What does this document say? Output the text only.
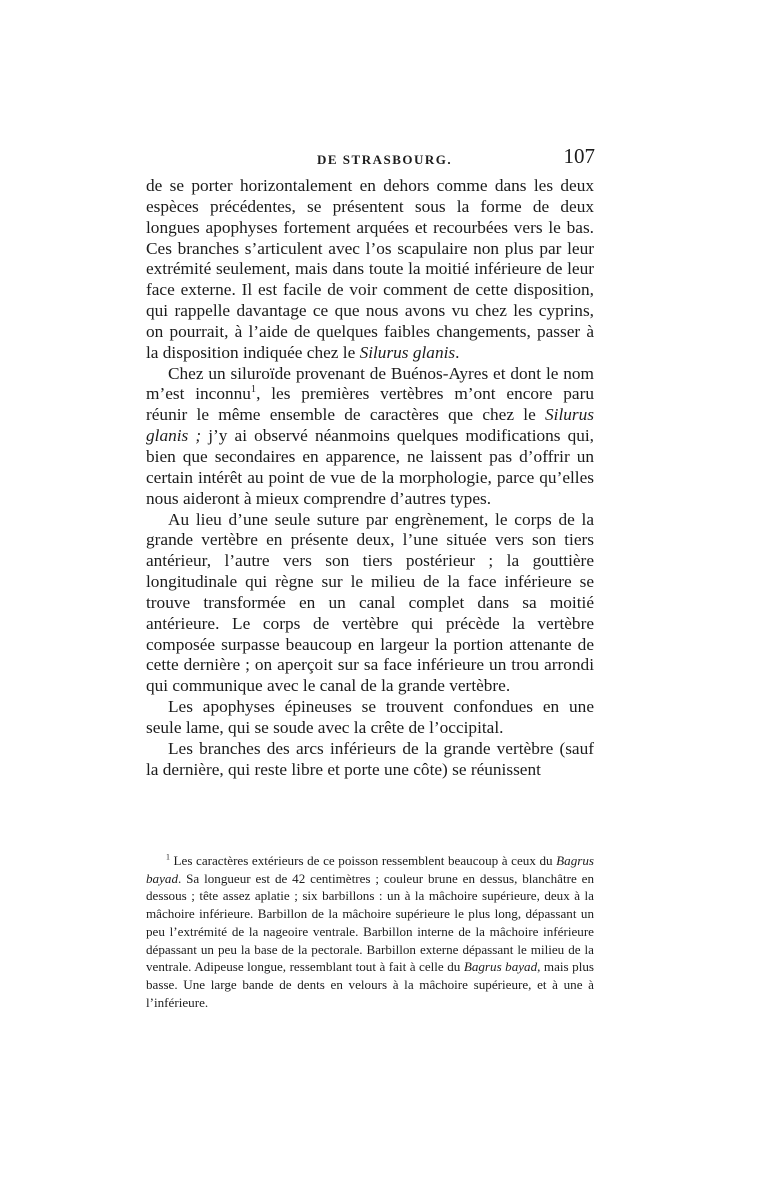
DE STRASBOURG.	107

de se porter horizontalement en dehors comme dans les deux espèces précédentes, se présentent sous la forme de deux longues apophyses fortement arquées et recourbées vers le bas. Ces branches s’articulent avec l’os scapulaire non plus par leur extrémité seulement, mais dans toute la moitié inférieure de leur face externe. Il est facile de voir comment de cette disposition, qui rappelle davantage ce que nous avons vu chez les cyprins, on pourrait, à l’aide de quelques faibles changements, passer à la disposition indiquée chez le Silurus glanis.

Chez un siluroïde provenant de Buénos-Ayres et dont le nom m’est inconnu$^1$, les premières vertèbres m’ont encore paru réunir le même ensemble de caractères que chez le Silurus glanis ; j’y ai observé néanmoins quelques modifications qui, bien que secondaires en apparence, ne laissent pas d’offrir un certain intérêt au point de vue de la morphologie, parce qu’elles nous aideront à mieux comprendre d’autres types.

Au lieu d’une seule suture par engrènement, le corps de la grande vertèbre en présente deux, l’une située vers son tiers antérieur, l’autre vers son tiers postérieur ; la gouttière longitudinale qui règne sur le milieu de la face inférieure se trouve transformée en un canal complet dans sa moitié antérieure. Le corps de vertèbre qui précède la vertèbre composée surpasse beaucoup en largeur la portion attenante de cette dernière ; on aperçoit sur sa face inférieure un trou arrondi qui communique avec le canal de la grande vertèbre.

Les apophyses épineuses se trouvent confondues en une seule lame, qui se soude avec la crête de l’occipital.

Les branches des arcs inférieurs de la grande vertèbre (sauf la dernière, qui reste libre et porte une côte) se réunissent

$^1$ Les caractères extérieurs de ce poisson ressemblent beaucoup à ceux du Bagrus bayad. Sa longueur est de 42 centimètres ; couleur brune en dessus, blanchâtre en dessous ; tête assez aplatie ; six barbillons : un à la mâchoire supérieure, deux à la mâchoire inférieure. Barbillon de la mâchoire supérieure le plus long, dépassant un peu l’extrémité de la nageoire ventrale. Barbillon interne de la mâchoire inférieure dépassant un peu la base de la pectorale. Barbillon externe dépassant le milieu de la ventrale. Adipeuse longue, ressemblant tout à fait à celle du Bagrus bayad, mais plus basse. Une large bande de dents en velours à la mâchoire supérieure, et à une à l’inférieure.
